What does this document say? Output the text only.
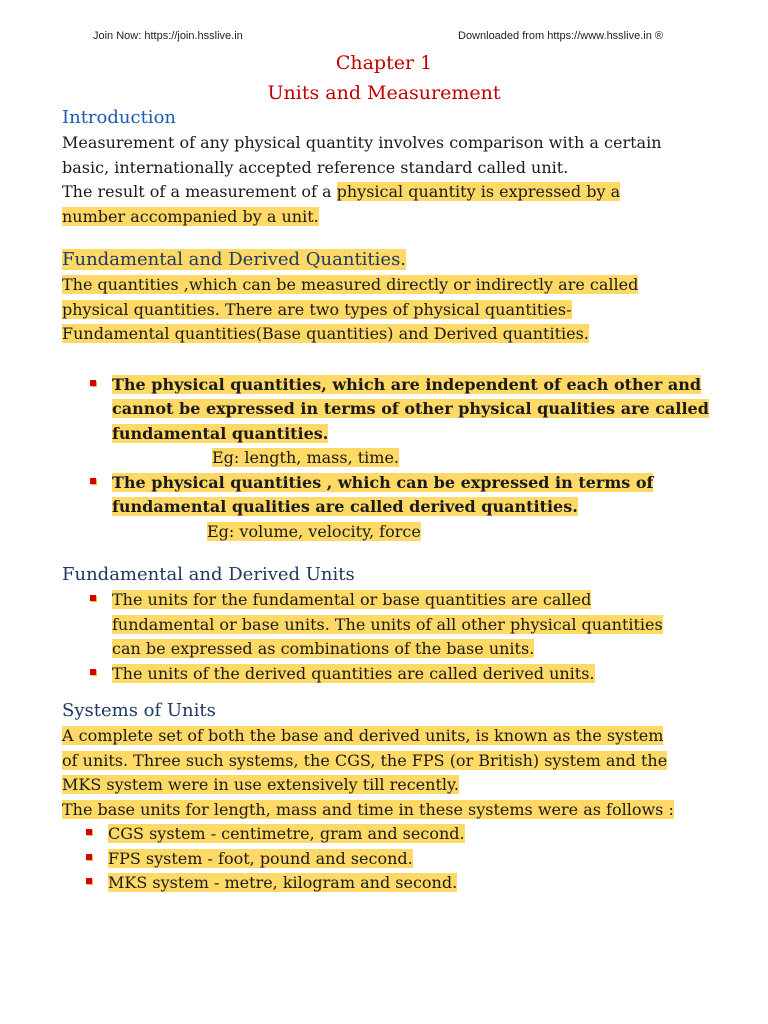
Join Now: https://join.hsslive.in	Downloaded from https://www.hsslive.in ®
Chapter 1
Units and Measurement
Introduction

Measurement of any physical quantity involves comparison with a certain

basic, internationally accepted reference standard called unit.

The result of a measurement of a physical quantity is expressed by a

number accompanied by a unit.

Fundamental and Derived Quantities.

The quantities ,which can be measured directly or indirectly are called

physical quantities. There are two types of physical quantities-

Fundamental quantities(Base quantities) and Derived quantities.

The physical quantities, which are independent of each other and
cannot be expressed in terms of other physical qualities are called
fundamental quantities.

Eg: length, mass, time.

The physical quantities , which can be expressed in terms of
fundamental qualities are called derived quantities.

Eg: volume, velocity, force

Fundamental and Derived Units
The units for the fundamental or base quantities are called
fundamental or base units. The units of all other physical quantities
can be expressed as combinations of the base units.
The units of the derived quantities are called derived units.
Systems of Units

A complete set of both the base and derived units, is known as the system

of units. Three such systems, the CGS, the FPS (or British) system and the

MKS system were in use extensively till recently.

The base units for length, mass and time in these systems were as follows :

CGS system - centimetre, gram and second.
FPS system - foot, pound and second.
MKS system - metre, kilogram and second.
